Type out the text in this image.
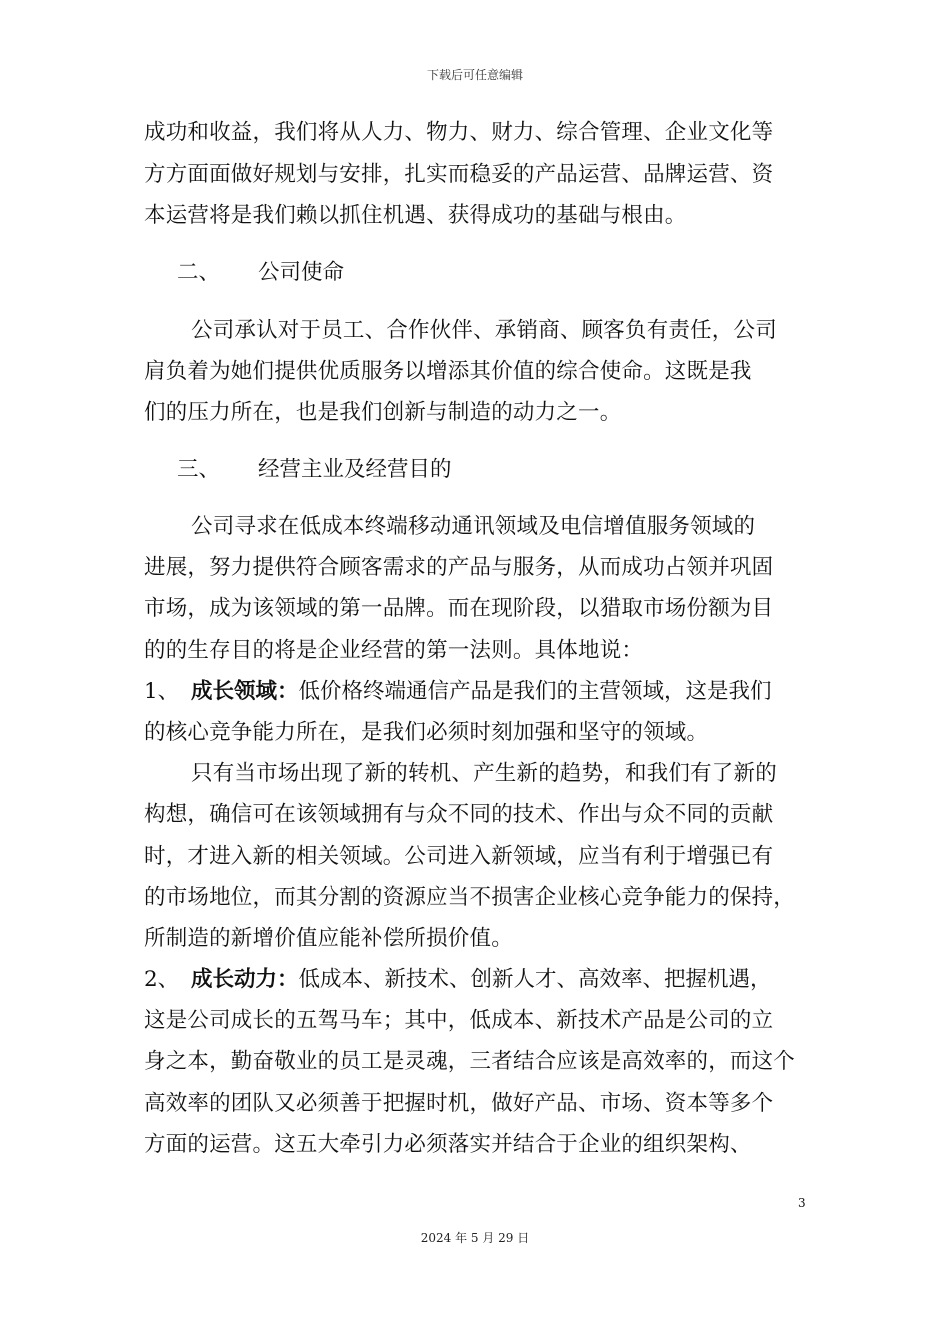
下载后可任意编辑
成功和收益，我们将从人力、物力、财力、综合管理、企业文化等
方方面面做好规划与安排，扎实而稳妥的产品运营、品牌运营、资
本运营将是我们赖以抓住机遇、获得成功的基础与根由。
二、 公司使命
公司承认对于员工、合作伙伴、承销商、顾客负有责任，公司
肩负着为她们提供优质服务以增添其价值的综合使命。这既是我
们的压力所在，也是我们创新与制造的动力之一。
三、 经营主业及经营目的
公司寻求在低成本终端移动通讯领域及电信增值服务领域的
进展，努力提供符合顾客需求的产品与服务，从而成功占领并巩固
市场，成为该领域的第一品牌。而在现阶段，以猎取市场份额为目
的的生存目的将是企业经营的第一法则。具体地说：
1、 成长领域：低价格终端通信产品是我们的主营领域，这是我们
的核心竞争能力所在，是我们必须时刻加强和坚守的领域。
只有当市场出现了新的转机、产生新的趋势，和我们有了新的
构想，确信可在该领域拥有与众不同的技术、作出与众不同的贡献
时，才进入新的相关领域。公司进入新领域，应当有利于增强已有
的市场地位，而其分割的资源应当不损害企业核心竞争能力的保持，
所制造的新增价值应能补偿所损价值。
2、 成长动力：低成本、新技术、创新人才、高效率、把握机遇，
这是公司成长的五驾马车；其中，低成本、新技术产品是公司的立
身之本，勤奋敬业的员工是灵魂，三者结合应该是高效率的，而这个
高效率的团队又必须善于把握时机，做好产品、市场、资本等多个
方面的运营。这五大牵引力必须落实并结合于企业的组织架构、
3
2024 年 5 月 29 日
